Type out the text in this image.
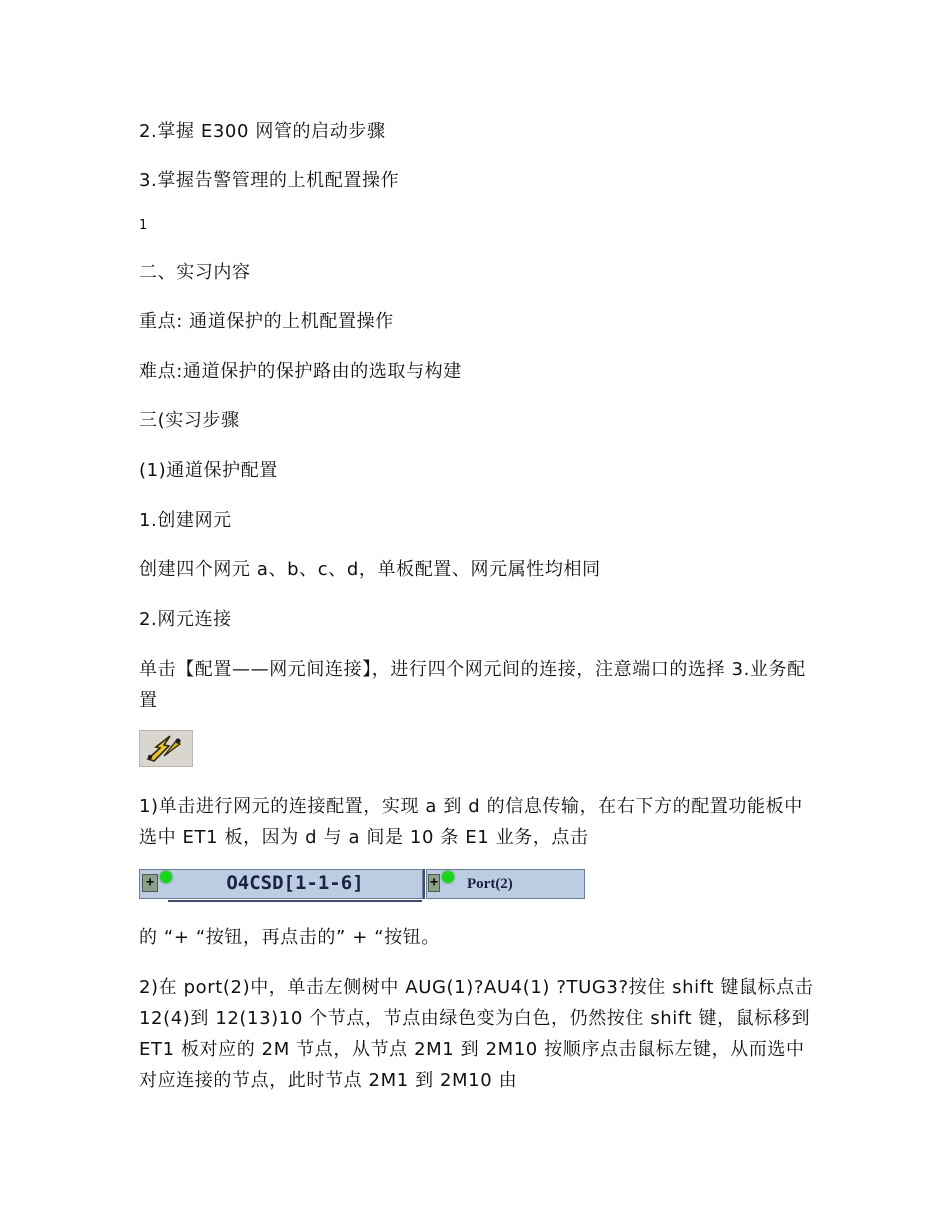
2.掌握 E300 网管的启动步骤
3.掌握告警管理的上机配置操作
1
二、实习内容
重点: 通道保护的上机配置操作
难点:通道保护的保护路由的选取与构建
三(实习步骤
(1)通道保护配置
1.创建网元
创建四个网元 a、b、c、d，单板配置、网元属性均相同
2.网元连接
单击【配置——网元间连接】，进行四个网元间的连接，注意端口的选择 3.业务配置
1)单击进行网元的连接配置，实现 a 到 d 的信息传输，在右下方的配置功能板中选中 ET1 板，因为 d 与 a 间是 10 条 E1 业务，点击
+	O4CSD[1-1-6]	+ Port(2)
的 “+ “按钮，再点击的” + “按钮。
2)在 port(2)中，单击左侧树中 AUG(1)?AU4(1) ?TUG3?按住 shift 键鼠标点击 12(4)到 12(13)10 个节点，节点由绿色变为白色，仍然按住 shift 键，鼠标移到 ET1 板对应的 2M 节点，从节点 2M1 到 2M10 按顺序点击鼠标左键，从而选中对应连接的节点，此时节点 2M1 到 2M10 由
